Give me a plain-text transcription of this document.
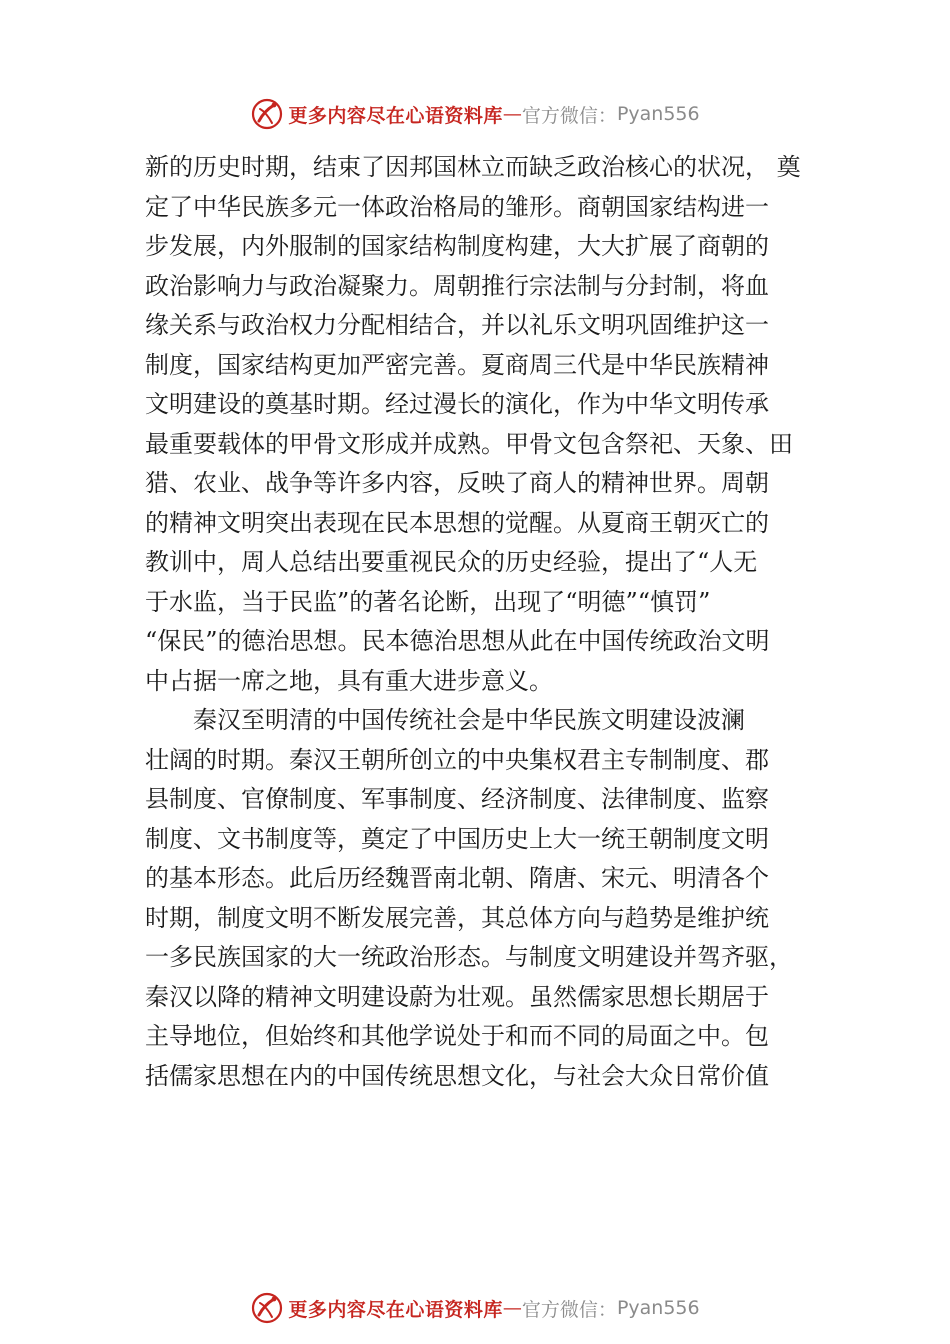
更多内容尽在心语资料库 — 官方微信： Pyan556
新的历史时期，结束了因邦国林立而缺乏政治核心的状况， 奠
定了中华民族多元一体政治格局的雏形。商朝国家结构进一
步发展，内外服制的国家结构制度构建，大大扩展了商朝的
政治影响力与政治凝聚力。周朝推行宗法制与分封制，将血
缘关系与政治权力分配相结合，并以礼乐文明巩固维护这一
制度，国家结构更加严密完善。夏商周三代是中华民族精神
文明建设的奠基时期。经过漫长的演化，作为中华文明传承
最重要载体的甲骨文形成并成熟。甲骨文包含祭祀、天象、田
猎、农业、战争等许多内容，反映了商人的精神世界。周朝
的精神文明突出表现在民本思想的觉醒。从夏商王朝灭亡的
教训中，周人总结出要重视民众的历史经验，提出了“人无
于水监，当于民监”的著名论断，出现了“明德”“慎罚”
“保民”的德治思想。民本德治思想从此在中国传统政治文明
中占据一席之地，具有重大进步意义。
秦汉至明清的中国传统社会是中华民族文明建设波澜
壮阔的时期。秦汉王朝所创立的中央集权君主专制制度、郡
县制度、官僚制度、军事制度、经济制度、法律制度、监察
制度、文书制度等，奠定了中国历史上大一统王朝制度文明
的基本形态。此后历经魏晋南北朝、隋唐、宋元、明清各个
时期，制度文明不断发展完善，其总体方向与趋势是维护统
一多民族国家的大一统政治形态。与制度文明建设并驾齐驱，
秦汉以降的精神文明建设蔚为壮观。虽然儒家思想长期居于
主导地位，但始终和其他学说处于和而不同的局面之中。包
括儒家思想在内的中国传统思想文化，与社会大众日常价值
更多内容尽在心语资料库 — 官方微信： Pyan556
